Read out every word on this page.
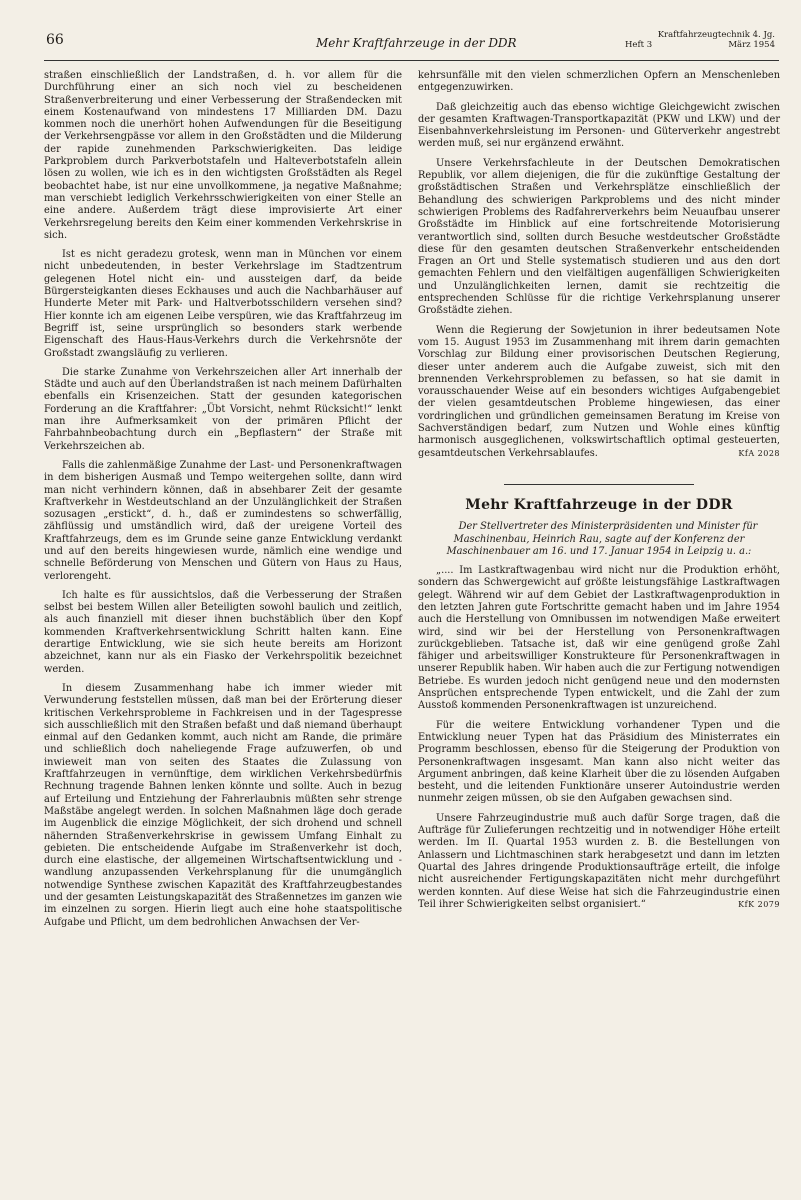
66	Mehr Kraftfahrzeuge in der DDR
Kraftfahrzeugtechnik 4. Jg.
Heft 3	März 1954

straßen einschließlich der Landstraßen, d. h. vor allem für die Durchführung einer an sich noch viel zu bescheidenen Straßenverbreiterung und einer Verbesserung der Straßendecken mit einem Kostenaufwand von mindestens 17 Milliarden DM. Dazu kommen noch die unerhört hohen Aufwendungen für die Beseitigung der Verkehrsengpässe vor allem in den Großstädten und die Milderung der rapide zunehmenden Parkschwierigkeiten. Das leidige Parkproblem durch Parkverbotstafeln und Halteverbotstafeln allein lösen zu wollen, wie ich es in den wichtigsten Großstädten als Regel beobachtet habe, ist nur eine unvollkommene, ja negative Maßnahme; man verschiebt lediglich Verkehrsschwierigkeiten von einer Stelle an eine andere. Außerdem trägt diese improvisierte Art einer Verkehrsregelung bereits den Keim einer kommenden Verkehrskrise in sich.

Ist es nicht geradezu grotesk, wenn man in München vor einem nicht unbedeutenden, in bester Verkehrslage im Stadtzentrum gelegenen Hotel nicht ein- und aussteigen darf, da beide Bürgersteigkanten dieses Eckhauses und auch die Nachbarhäuser auf Hunderte Meter mit Park- und Haltverbotsschildern versehen sind? Hier konnte ich am eigenen Leibe verspüren, wie das Kraftfahrzeug im Begriff ist, seine ursprünglich so besonders stark werbende Eigenschaft des Haus-Haus-Verkehrs durch die Verkehrsnöte der Großstadt zwangsläufig zu verlieren.

Die starke Zunahme von Verkehrszeichen aller Art innerhalb der Städte und auch auf den Überlandstraßen ist nach meinem Dafürhalten ebenfalls ein Krisenzeichen. Statt der gesunden kategorischen Forderung an die Kraftfahrer: „Übt Vorsicht, nehmt Rücksicht!“ lenkt man ihre Aufmerksamkeit von der primären Pflicht der Fahrbahnbeobachtung durch ein „Bepflastern“ der Straße mit Verkehrszeichen ab.

Falls die zahlenmäßige Zunahme der Last- und Personenkraftwagen in dem bisherigen Ausmaß und Tempo weitergehen sollte, dann wird man nicht verhindern können, daß in absehbarer Zeit der gesamte Kraftverkehr in Westdeutschland an der Unzulänglichkeit der Straßen sozusagen „erstickt“, d. h., daß er zumindestens so schwerfällig, zähflüssig und umständlich wird, daß der ureigene Vorteil des Kraftfahrzeugs, dem es im Grunde seine ganze Entwicklung verdankt und auf den bereits hingewiesen wurde, nämlich eine wendige und schnelle Beförderung von Menschen und Gütern von Haus zu Haus, verlorengeht.

Ich halte es für aussichtslos, daß die Verbesserung der Straßen selbst bei bestem Willen aller Beteiligten sowohl baulich und zeitlich, als auch finanziell mit dieser ihnen buchstäblich über den Kopf kommenden Kraftverkehrsentwicklung Schritt halten kann. Eine derartige Entwicklung, wie sie sich heute bereits am Horizont abzeichnet, kann nur als ein Fiasko der Verkehrspolitik bezeichnet werden.

In diesem Zusammenhang habe ich immer wieder mit Verwunderung feststellen müssen, daß man bei der Erörterung dieser kritischen Verkehrsprobleme in Fachkreisen und in der Tagespresse sich ausschließlich mit den Straßen befaßt und daß niemand überhaupt einmal auf den Gedanken kommt, auch nicht am Rande, die primäre und schließlich doch naheliegende Frage aufzuwerfen, ob und inwieweit man von seiten des Staates die Zulassung von Kraftfahrzeugen in vernünftige, dem wirklichen Verkehrsbedürfnis Rechnung tragende Bahnen lenken könnte und sollte. Auch in bezug auf Erteilung und Entziehung der Fahrerlaubnis müßten sehr strenge Maßstäbe angelegt werden. In solchen Maßnahmen läge doch gerade im Augenblick die einzige Möglichkeit, der sich drohend und schnell nähernden Straßenverkehrskrise in gewissem Umfang Einhalt zu gebieten. Die entscheidende Aufgabe im Straßenverkehr ist doch, durch eine elastische, der allgemeinen Wirtschaftsentwicklung und -wandlung anzupassenden Verkehrsplanung für die unumgänglich notwendige Synthese zwischen Kapazität des Kraftfahrzeugbestandes und der gesamten Leistungskapazität des Straßennetzes im ganzen wie im einzelnen zu sorgen. Hierin liegt auch eine hohe staatspolitische Aufgabe und Pflicht, um dem bedrohlichen Anwachsen der Ver-

kehrsunfälle mit den vielen schmerzlichen Opfern an Menschenleben entgegenzuwirken.

Daß gleichzeitig auch das ebenso wichtige Gleichgewicht zwischen der gesamten Kraftwagen-Transportkapazität (PKW und LKW) und der Eisenbahnverkehrsleistung im Personen- und Güterverkehr angestrebt werden muß, sei nur ergänzend erwähnt.

Unsere Verkehrsfachleute in der Deutschen Demokratischen Republik, vor allem diejenigen, die für die zukünftige Gestaltung der großstädtischen Straßen und Verkehrsplätze einschließlich der Behandlung des schwierigen Parkproblems und des nicht minder schwierigen Problems des Radfahrerverkehrs beim Neuaufbau unserer Großstädte im Hinblick auf eine fortschreitende Motorisierung verantwortlich sind, sollten durch Besuche westdeutscher Großstädte diese für den gesamten deutschen Straßenverkehr entscheidenden Fragen an Ort und Stelle systematisch studieren und aus den dort gemachten Fehlern und den vielfältigen augenfälligen Schwierigkeiten und Unzulänglichkeiten lernen, damit sie rechtzeitig die entsprechenden Schlüsse für die richtige Verkehrsplanung unserer Großstädte ziehen.

Wenn die Regierung der Sowjetunion in ihrer bedeutsamen Note vom 15. August 1953 im Zusammenhang mit ihrem darin gemachten Vorschlag zur Bildung einer provisorischen Deutschen Regierung, dieser unter anderem auch die Aufgabe zuweist, sich mit den brennenden Verkehrsproblemen zu befassen, so hat sie damit in vorausschauender Weise auf ein besonders wichtiges Aufgabengebiet der vielen gesamtdeutschen Probleme hingewiesen, das einer vordringlichen und gründlichen gemeinsamen Beratung im Kreise von Sachverständigen bedarf, zum Nutzen und Wohle eines künftig harmonisch ausgeglichenen, volkswirtschaftlich optimal gesteuerten, gesamtdeutschen Verkehrsablaufes.	KfA 2028

Mehr Kraftfahrzeuge in der DDR

Der Stellvertreter des Ministerpräsidenten und Minister für Maschinenbau, Heinrich Rau, sagte auf der Konferenz der Maschinenbauer am 16. und 17. Januar 1954 in Leipzig u. a.:

„.... Im Lastkraftwagenbau wird nicht nur die Produktion erhöht, sondern das Schwergewicht auf größte leistungsfähige Lastkraftwagen gelegt. Während wir auf dem Gebiet der Lastkraftwagenproduktion in den letzten Jahren gute Fortschritte gemacht haben und im Jahre 1954 auch die Herstellung von Omnibussen im notwendigen Maße erweitert wird, sind wir bei der Herstellung von Personenkraftwagen zurückgeblieben. Tatsache ist, daß wir eine genügend große Zahl fähiger und arbeitswilliger Konstrukteure für Personenkraftwagen in unserer Republik haben. Wir haben auch die zur Fertigung notwendigen Betriebe. Es wurden jedoch nicht genügend neue und den modernsten Ansprüchen entsprechende Typen entwickelt, und die Zahl der zum Ausstoß kommenden Personenkraftwagen ist unzureichend.

Für die weitere Entwicklung vorhandener Typen und die Entwicklung neuer Typen hat das Präsidium des Ministerrates ein Programm beschlossen, ebenso für die Steigerung der Produktion von Personenkraftwagen insgesamt. Man kann also nicht weiter das Argument anbringen, daß keine Klarheit über die zu lösenden Aufgaben besteht, und die leitenden Funktionäre unserer Autoindustrie werden nunmehr zeigen müssen, ob sie den Aufgaben gewachsen sind.

Unsere Fahrzeugindustrie muß auch dafür Sorge tragen, daß die Aufträge für Zulieferungen rechtzeitig und in notwendiger Höhe erteilt werden. Im II. Quartal 1953 wurden z. B. die Bestellungen von Anlassern und Lichtmaschinen stark herabgesetzt und dann im letzten Quartal des Jahres dringende Produktionsaufträge erteilt, die infolge nicht ausreichender Fertigungskapazitäten nicht mehr durchgeführt werden konnten. Auf diese Weise hat sich die Fahrzeugindustrie einen Teil ihrer Schwierigkeiten selbst organisiert.“	KfK 2079
